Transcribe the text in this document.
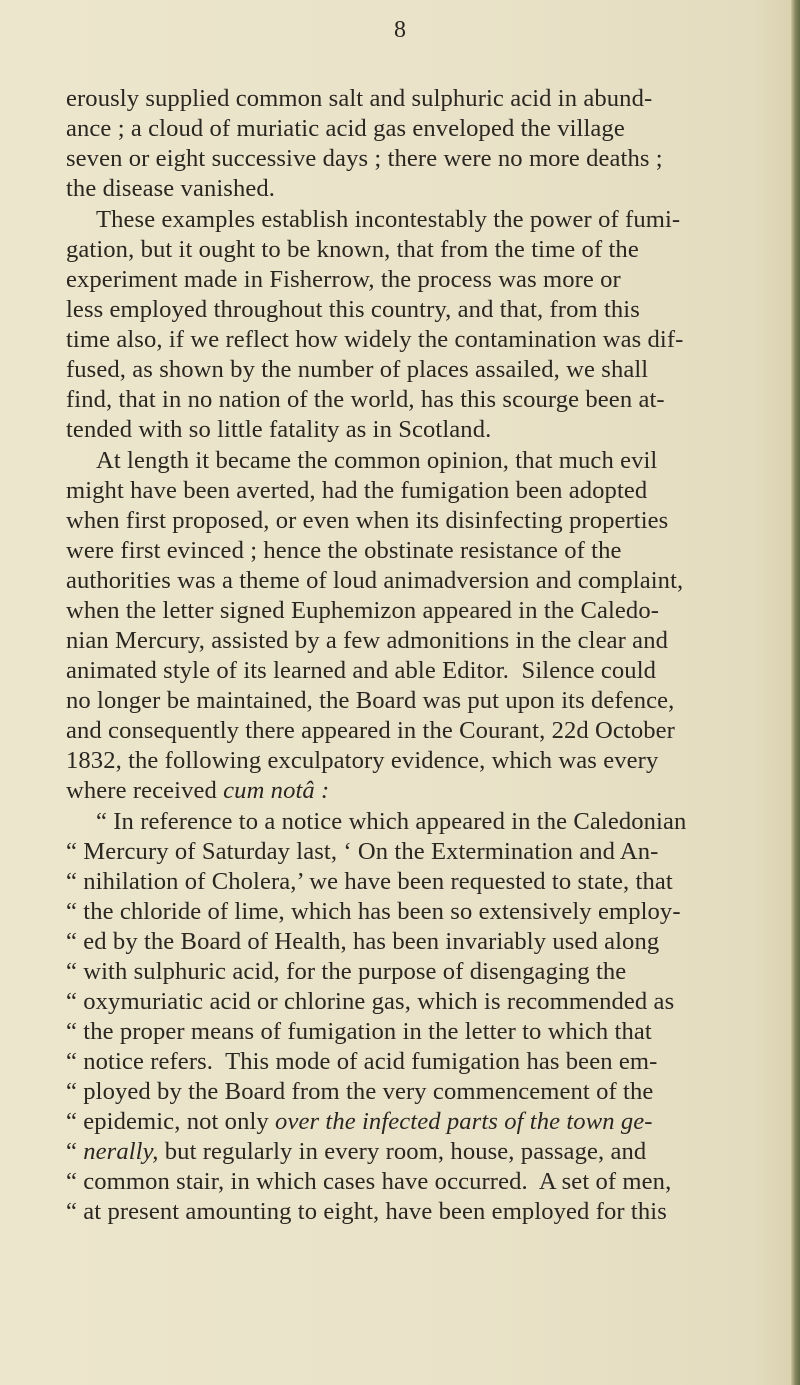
8
erously supplied common salt and sulphuric acid in abund-
ance ; a cloud of muriatic acid gas enveloped the village
seven or eight successive days ; there were no more deaths ;
the disease vanished.
These examples establish incontestably the power of fumi-
gation, but it ought to be known, that from the time of the
experiment made in Fisherrow, the process was more or
less employed throughout this country, and that, from this
time also, if we reflect how widely the contamination was dif-
fused, as shown by the number of places assailed, we shall
find, that in no nation of the world, has this scourge been at-
tended with so little fatality as in Scotland.
At length it became the common opinion, that much evil
might have been averted, had the fumigation been adopted
when first proposed, or even when its disinfecting properties
were first evinced ; hence the obstinate resistance of the
authorities was a theme of loud animadversion and complaint,
when the letter signed Euphemizon appeared in the Caledo-
nian Mercury, assisted by a few admonitions in the clear and
animated style of its learned and able Editor.  Silence could
no longer be maintained, the Board was put upon its defence,
and consequently there appeared in the Courant, 22d October
1832, the following exculpatory evidence, which was every
where received cum notâ :
“ In reference to a notice which appeared in the Caledonian
“ Mercury of Saturday last, ‘ On the Extermination and An-
“ nihilation of Cholera,’ we have been requested to state, that
“ the chloride of lime, which has been so extensively employ-
“ ed by the Board of Health, has been invariably used along
“ with sulphuric acid, for the purpose of disengaging the
“ oxymuriatic acid or chlorine gas, which is recommended as
“ the proper means of fumigation in the letter to which that
“ notice refers.  This mode of acid fumigation has been em-
“ ployed by the Board from the very commencement of the
“ epidemic, not only over the infected parts of the town ge-
“ nerally, but regularly in every room, house, passage, and
“ common stair, in which cases have occurred.  A set of men,
“ at present amounting to eight, have been employed for this
